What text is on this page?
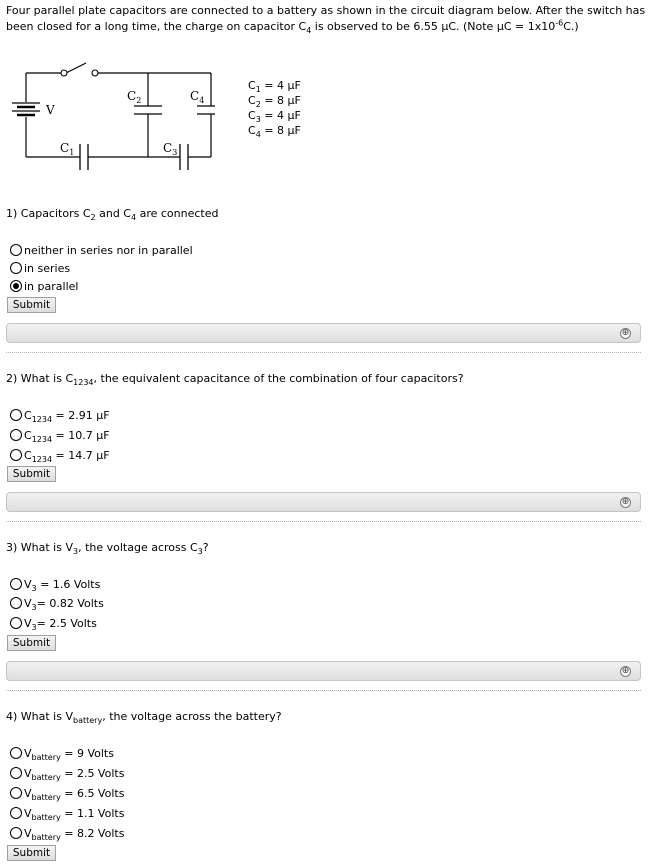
Four parallel plate capacitors are connected to a battery as shown in the circuit diagram below. After the switch has been closed for a long time, the charge on capacitor $C_4$ is observed to be 6.55 μC. (Note $\mu C = 1x10^{-6}C$.)
V
$C_1$	$C_3$
$C_2$	$C_4$
$C_1 = 4$ μF
$C_2 = 8$ μF
$C_3 = 4$ μF
$C_4 = 8$ μF
1) Capacitors $C_2$ and $C_4$ are connected
neither in series nor in parallel
in series
in parallel
Submit
⊕
2) What is $C_{1234}$, the equivalent capacitance of the combination of four capacitors?
$C_{1234} = 2.91$ μF
$C_{1234} = 10.7$ μF
$C_{1234} = 14.7$ μF
Submit
⊕
3) What is $V_3$, the voltage across $C_3$?
$V_3 = 1.6$ Volts
$V_3= 0.82$ Volts
$V_3= 2.5$ Volts
Submit
⊕
4) What is $V_{battery}$, the voltage across the battery?
$V_{battery} = 9$ Volts
$V_{battery} = 2.5$ Volts
$V_{battery} = 6.5$ Volts
$V_{battery} = 1.1$ Volts
$V_{battery} = 8.2$ Volts
Submit
